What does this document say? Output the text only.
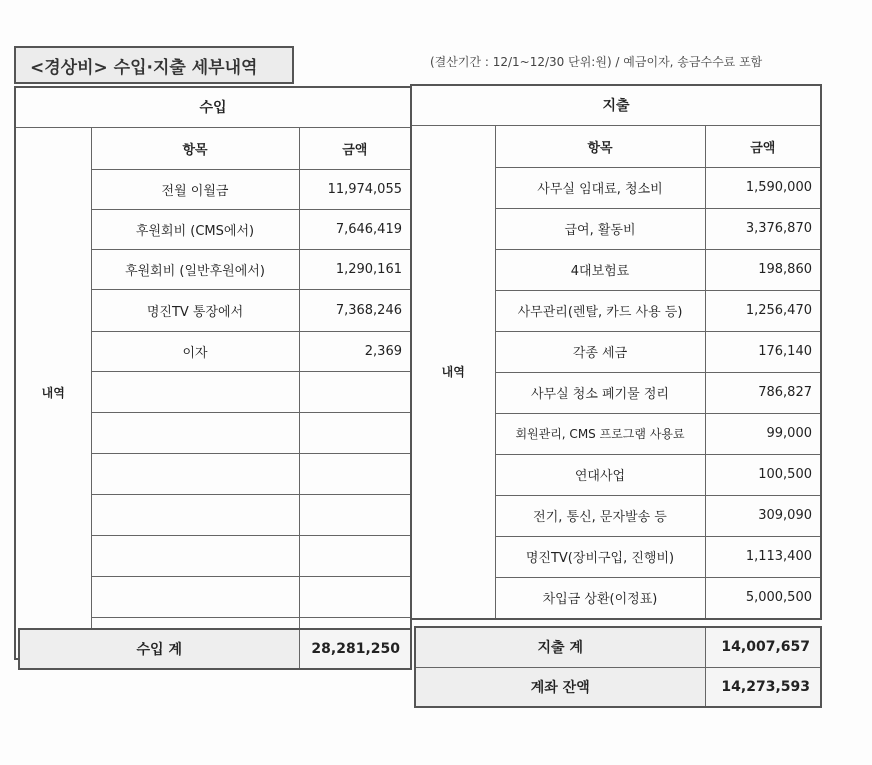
<경상비> 수입·지출 세부내역	(결산기간 : 12/1~12/30 단위:원) / 예금이자, 송금수수료 포함
수입		
내역	항목	금액
	전월 이월금	11,974,055
	후원회비 (CMS에서)	7,646,419
	후원회비 (일반후원에서)	1,290,161
	명진TV 통장에서	7,368,246
	이자	2,369

수입 계	28,281,250
지출		
내역	항목	금액
	사무실 임대료, 청소비	1,590,000
	급여, 활동비	3,376,870
	4대보험료	198,860
	사무관리(렌탈, 카드 사용 등)	1,256,470
	각종 세금	176,140
	사무실 청소 폐기물 정리	786,827
	회원관리, CMS 프로그램 사용료	99,000
	연대사업	100,500
	전기, 통신, 문자발송 등	309,090
	명진TV(장비구입, 진행비)	1,113,400
	차입금 상환(이정표)	5,000,500
지출 계	14,007,657
계좌 잔액	14,273,593
